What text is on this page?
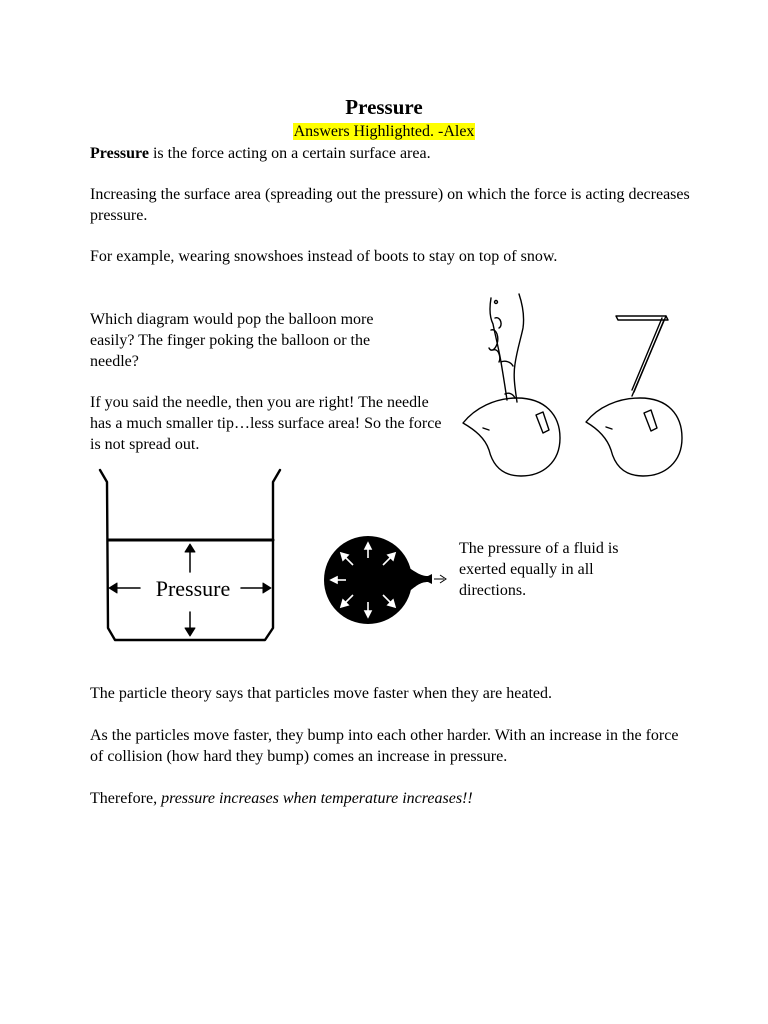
Pressure
Answers Highlighted. -Alex

Pressure is the force acting on a certain surface area.

Increasing the surface area (spreading out the pressure) on which the force is acting decreases pressure.

For example, wearing snowshoes instead of boots to stay on top of snow.

Which diagram would pop the balloon more easily? The finger poking the balloon or the needle?

If you said the needle, then you are right! The needle has a much smaller tip…less surface area! So the force is not spread out.

Pressure

The pressure of a fluid is exerted equally in all directions.

The particle theory says that particles move faster when they are heated.

As the particles move faster, they bump into each other harder. With an increase in the force of collision (how hard they bump) comes an increase in pressure.

Therefore, pressure increases when temperature increases!!
